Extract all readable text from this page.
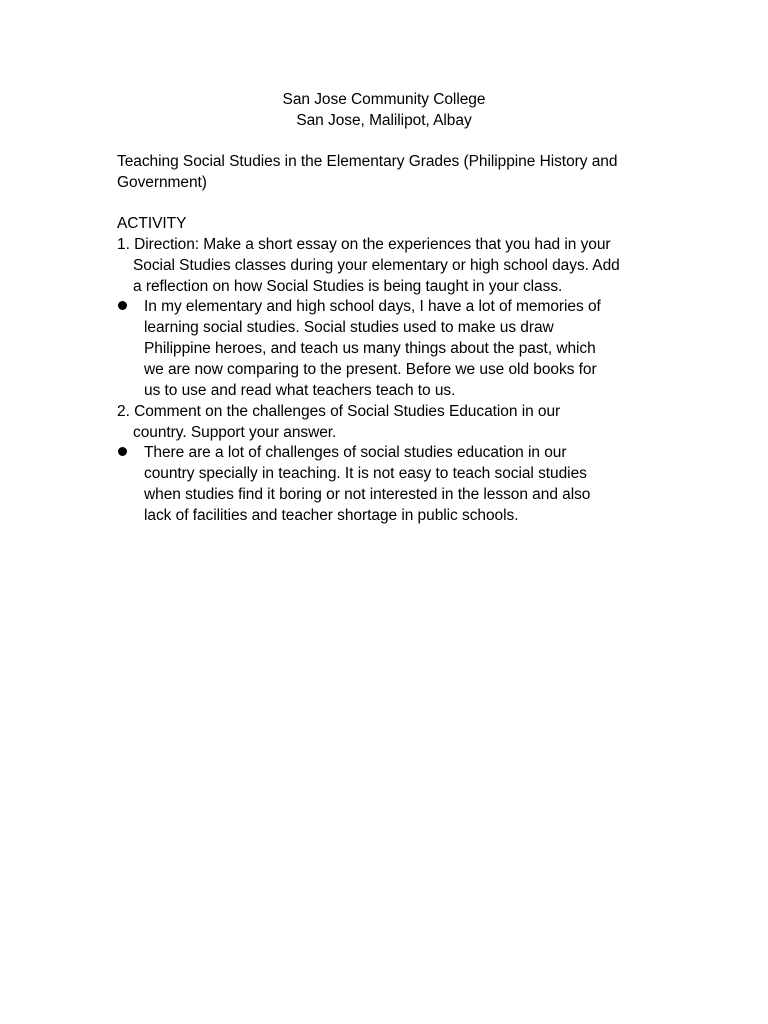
San Jose Community College
San Jose, Malilipot, Albay
Teaching Social Studies in the Elementary Grades (Philippine History and
Government)
ACTIVITY
1. Direction: Make a short essay on the experiences that you had in your
Social Studies classes during your elementary or high school days. Add
a reflection on how Social Studies is being taught in your class.
In my elementary and high school days, I have a lot of memories of
learning social studies. Social studies used to make us draw
Philippine heroes, and teach us many things about the past, which
we are now comparing to the present. Before we use old books for
us to use and read what teachers teach to us.
2. Comment on the challenges of Social Studies Education in our
country. Support your answer.
There are a lot of challenges of social studies education in our
country specially in teaching. It is not easy to teach social studies
when studies find it boring or not interested in the lesson and also
lack of facilities and teacher shortage in public schools.
